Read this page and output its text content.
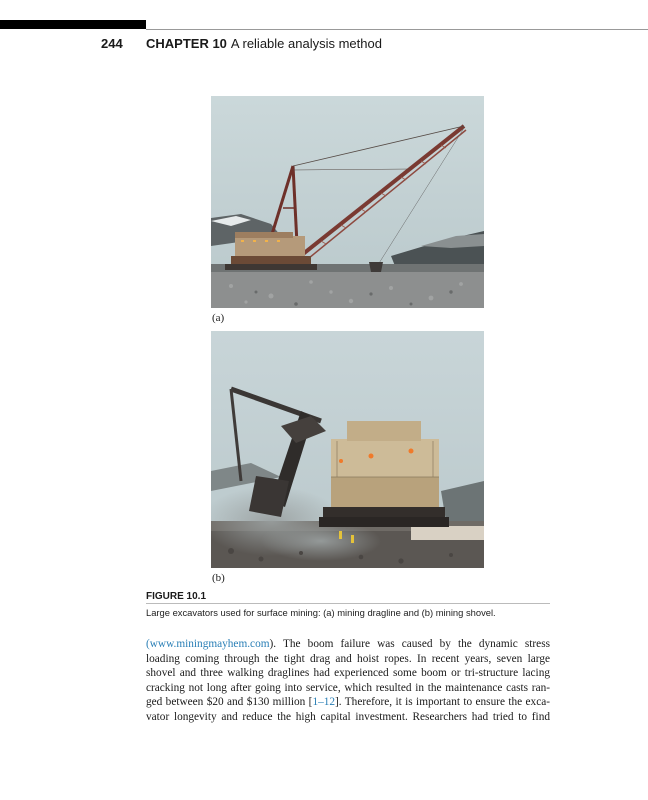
244 CHAPTER 10 A reliable analysis method
(a)
(b)
FIGURE 10.1
Large excavators used for surface mining: (a) mining dragline and (b) mining shovel.
(www.miningmayhem.com). The boom failure was caused by the dynamic stress
loading coming through the tight drag and hoist ropes. In recent years, seven large
shovel and three walking draglines had experienced some boom or tri-structure lacing
cracking not long after going into service, which resulted in the maintenance casts ran-
ged between $20 and $130 million [1–12]. Therefore, it is important to ensure the exca-
vator longevity and reduce the high capital investment. Researchers had tried to find
